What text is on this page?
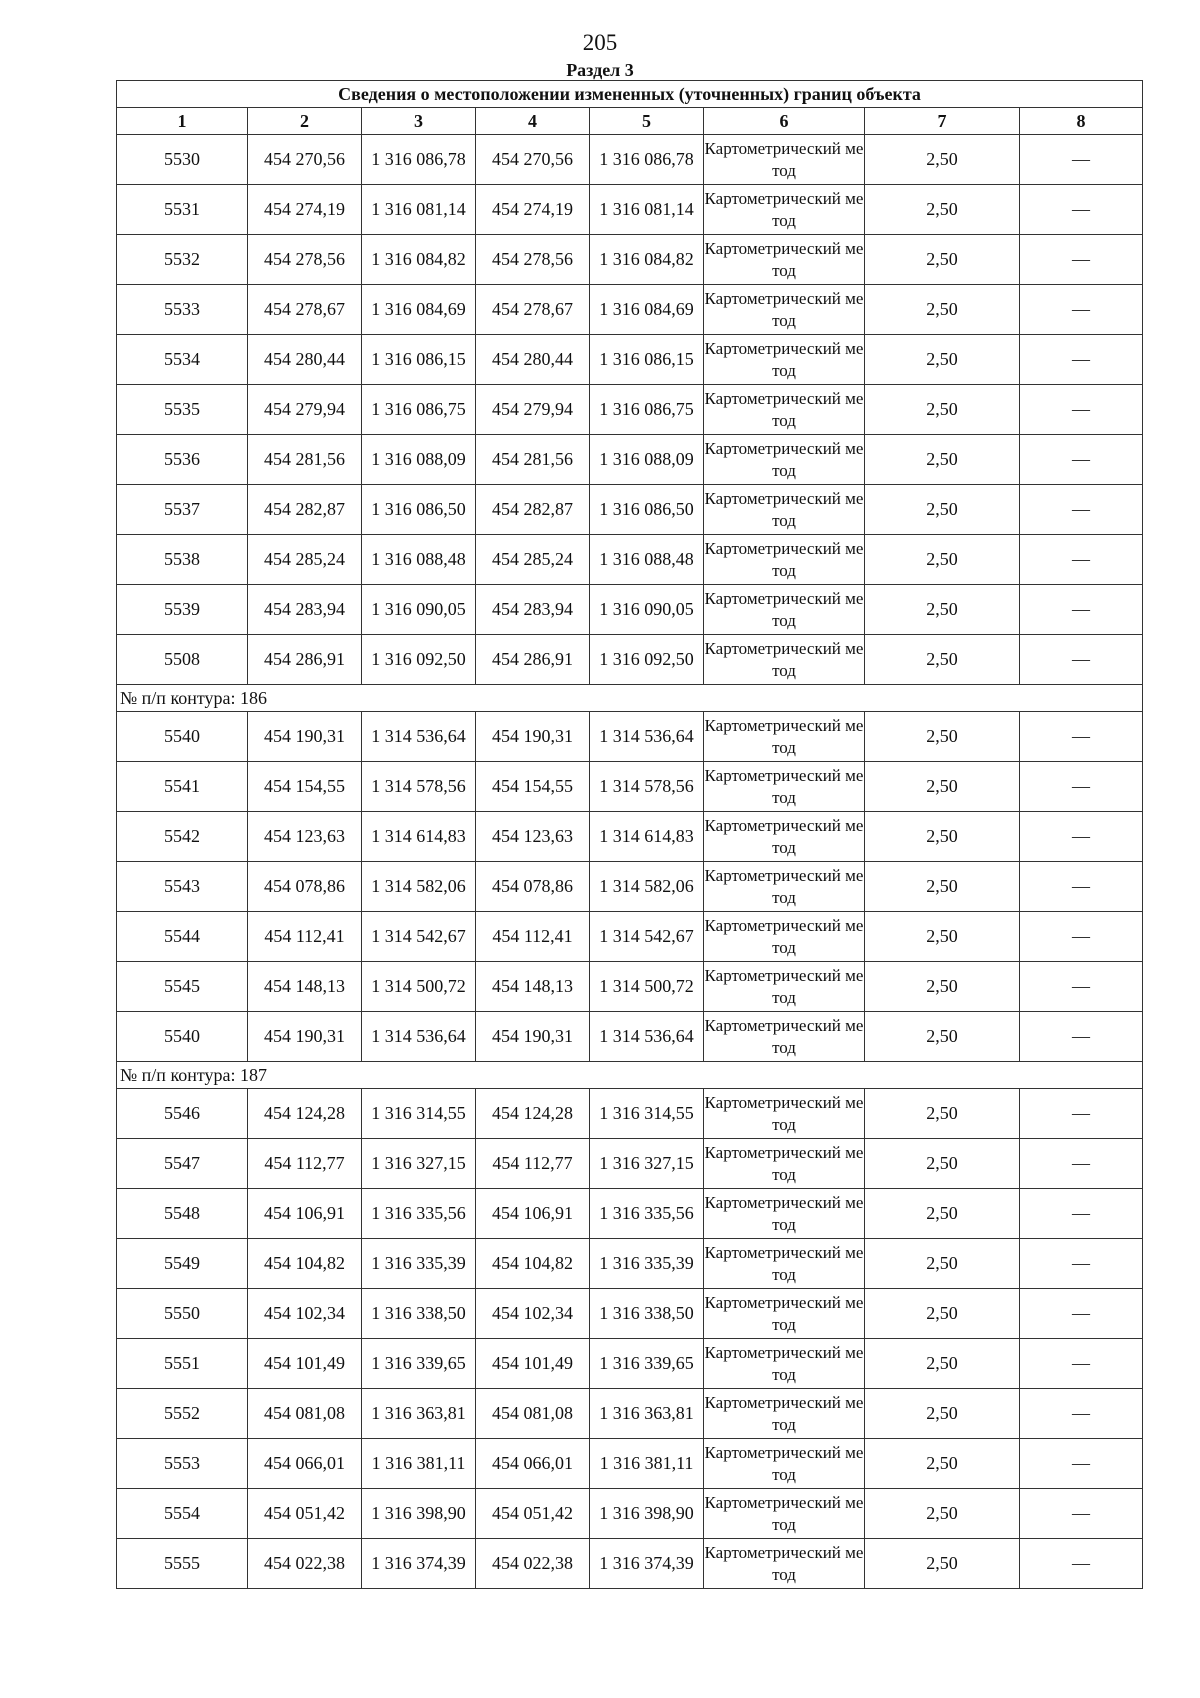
205
Раздел 3
Сведения о местоположении измененных (уточненных) границ объекта							
1	2	3	4	5	6	7	8
5530	454 270,56	1 316 086,78	454 270,56	1 316 086,78	Картометрический метод	2,50	—
5531	454 274,19	1 316 081,14	454 274,19	1 316 081,14	Картометрический метод	2,50	—
5532	454 278,56	1 316 084,82	454 278,56	1 316 084,82	Картометрический метод	2,50	—
5533	454 278,67	1 316 084,69	454 278,67	1 316 084,69	Картометрический метод	2,50	—
5534	454 280,44	1 316 086,15	454 280,44	1 316 086,15	Картометрический метод	2,50	—
5535	454 279,94	1 316 086,75	454 279,94	1 316 086,75	Картометрический метод	2,50	—
5536	454 281,56	1 316 088,09	454 281,56	1 316 088,09	Картометрический метод	2,50	—
5537	454 282,87	1 316 086,50	454 282,87	1 316 086,50	Картометрический метод	2,50	—
5538	454 285,24	1 316 088,48	454 285,24	1 316 088,48	Картометрический метод	2,50	—
5539	454 283,94	1 316 090,05	454 283,94	1 316 090,05	Картометрический метод	2,50	—
5508	454 286,91	1 316 092,50	454 286,91	1 316 092,50	Картометрический метод	2,50	—
№ п/п контура: 186							
5540	454 190,31	1 314 536,64	454 190,31	1 314 536,64	Картометрический метод	2,50	—
5541	454 154,55	1 314 578,56	454 154,55	1 314 578,56	Картометрический метод	2,50	—
5542	454 123,63	1 314 614,83	454 123,63	1 314 614,83	Картометрический метод	2,50	—
5543	454 078,86	1 314 582,06	454 078,86	1 314 582,06	Картометрический метод	2,50	—
5544	454 112,41	1 314 542,67	454 112,41	1 314 542,67	Картометрический метод	2,50	—
5545	454 148,13	1 314 500,72	454 148,13	1 314 500,72	Картометрический метод	2,50	—
5540	454 190,31	1 314 536,64	454 190,31	1 314 536,64	Картометрический метод	2,50	—
№ п/п контура: 187							
5546	454 124,28	1 316 314,55	454 124,28	1 316 314,55	Картометрический метод	2,50	—
5547	454 112,77	1 316 327,15	454 112,77	1 316 327,15	Картометрический метод	2,50	—
5548	454 106,91	1 316 335,56	454 106,91	1 316 335,56	Картометрический метод	2,50	—
5549	454 104,82	1 316 335,39	454 104,82	1 316 335,39	Картометрический метод	2,50	—
5550	454 102,34	1 316 338,50	454 102,34	1 316 338,50	Картометрический метод	2,50	—
5551	454 101,49	1 316 339,65	454 101,49	1 316 339,65	Картометрический метод	2,50	—
5552	454 081,08	1 316 363,81	454 081,08	1 316 363,81	Картометрический метод	2,50	—
5553	454 066,01	1 316 381,11	454 066,01	1 316 381,11	Картометрический метод	2,50	—
5554	454 051,42	1 316 398,90	454 051,42	1 316 398,90	Картометрический метод	2,50	—
5555	454 022,38	1 316 374,39	454 022,38	1 316 374,39	Картометрический метод	2,50	—
